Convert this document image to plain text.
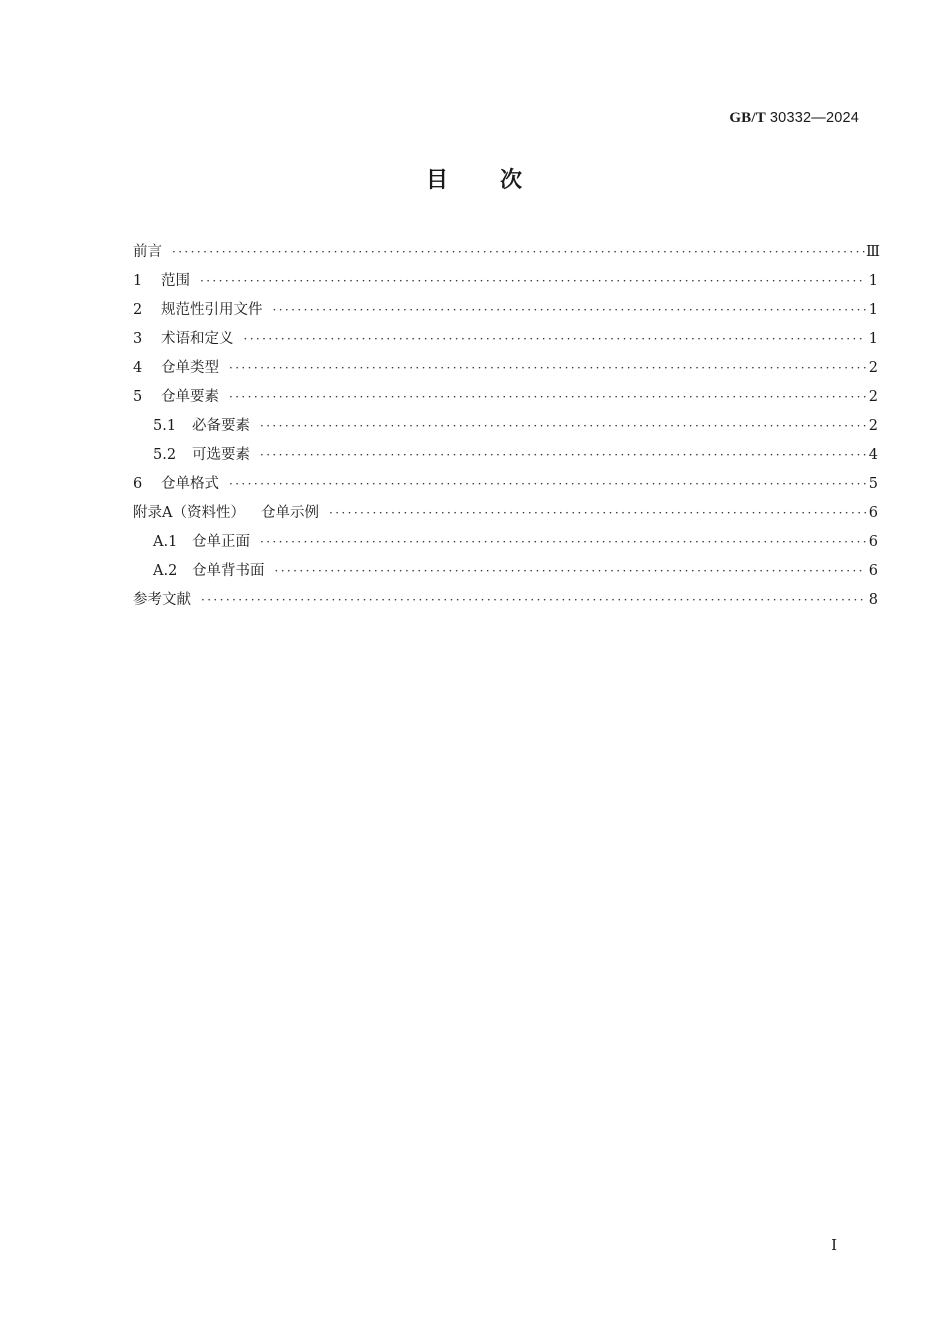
GB/T 30332—2024
目 次
前言 ·····	Ⅲ
1	范围 ·····	1
2	规范性引用文件 ·····	1
3	术语和定义 ·····	1
4	仓单类型 ·····	2
5	仓单要素 ·····	2
5.1	必备要素 ·····	2
5.2	可选要素 ·····	4
6	仓单格式 ·····	5
附录A（资料性） 仓单示例 ·····	6
A.1	仓单正面 ·····	6
A.2	仓单背书面 ·····	6
参考文献 ·····	8
Ⅰ
